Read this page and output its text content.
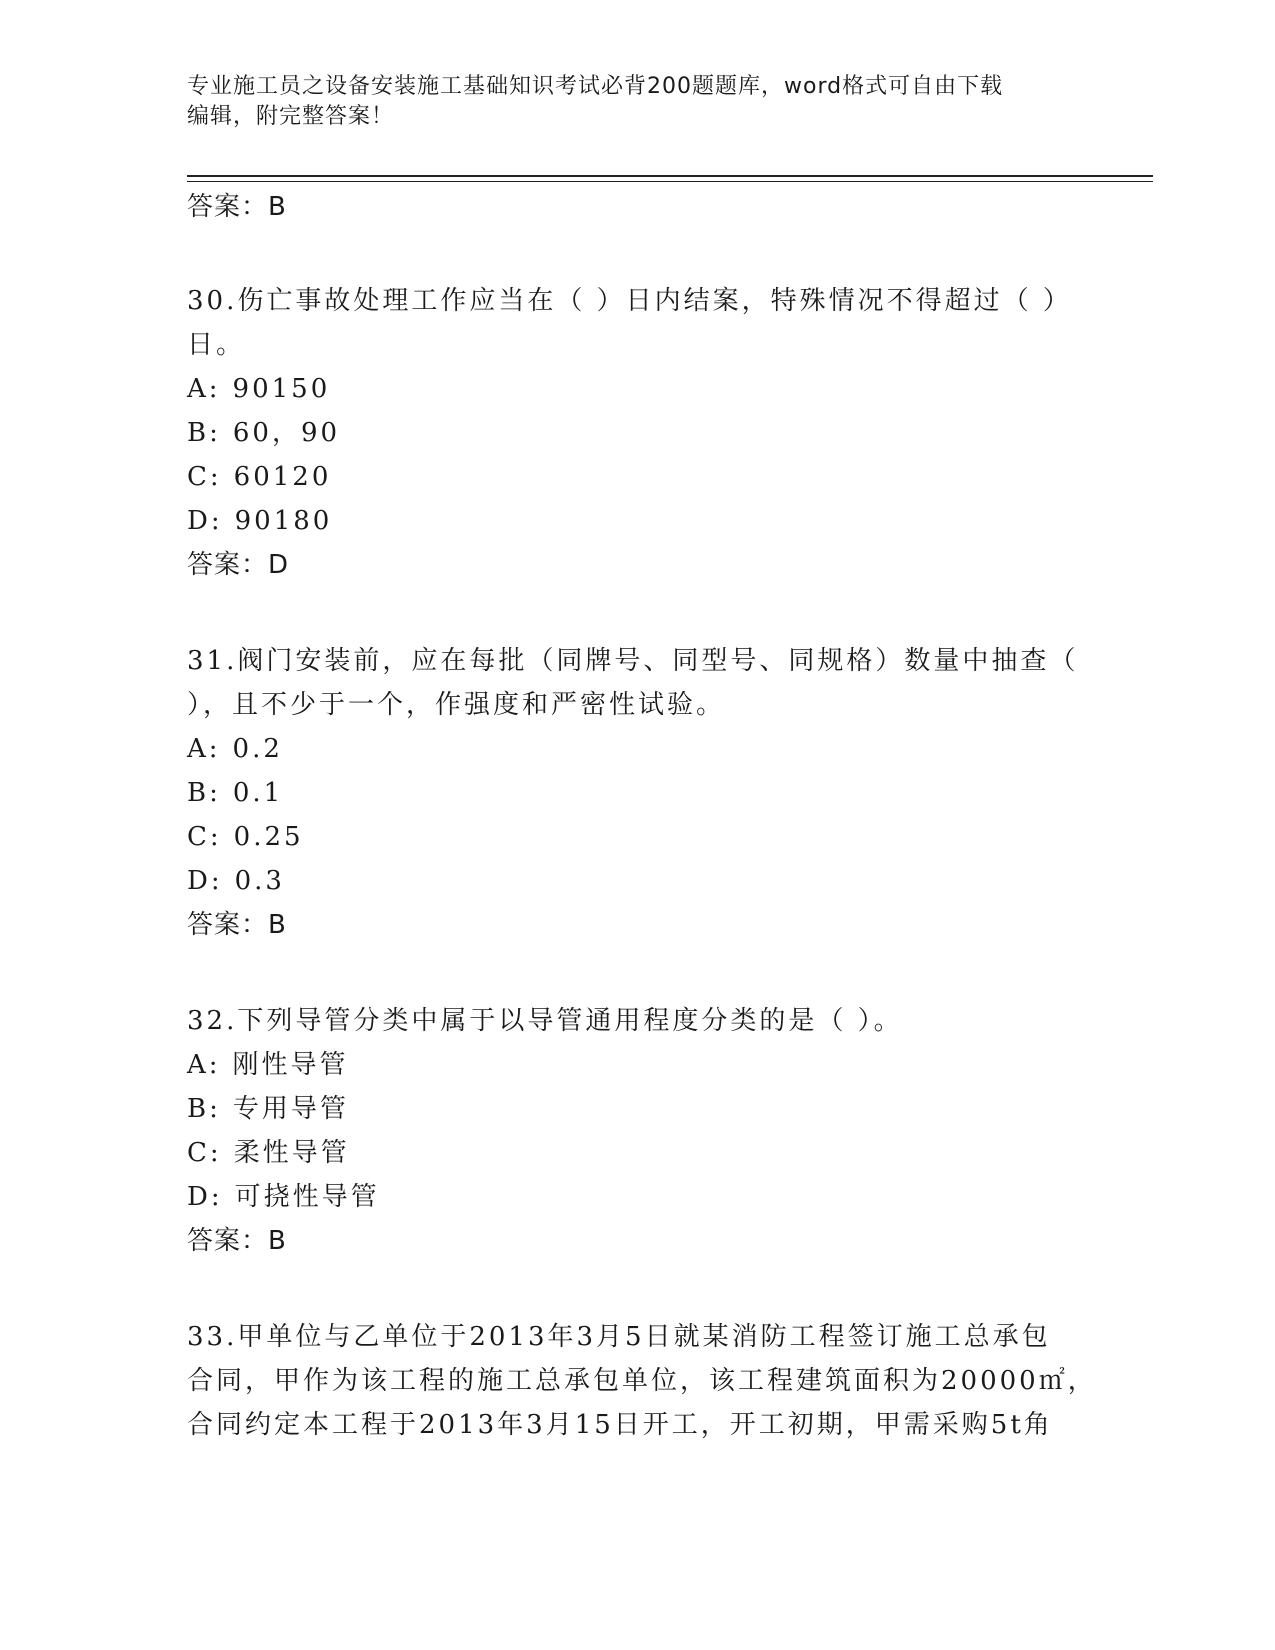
专业施工员之设备安装施工基础知识考试必背200题题库，word格式可自由下载
编辑，附完整答案！
答案：B
30.伤亡事故处理工作应当在（ ）日内结案，特殊情况不得超过（ ）
日。
A: 90150
B: 60，90
C: 60120
D: 90180
答案：D
31.阀门安装前，应在每批（同牌号、同型号、同规格）数量中抽查（
），且不少于一个，作强度和严密性试验。
A: 0.2
B: 0.1
C: 0.25
D: 0.3
答案：B
32.下列导管分类中属于以导管通用程度分类的是（ ）。
A: 刚性导管
B: 专用导管
C: 柔性导管
D: 可挠性导管
答案：B
33.甲单位与乙单位于2013年3月5日就某消防工程签订施工总承包
合同，甲作为该工程的施工总承包单位，该工程建筑面积为20000㎡，
合同约定本工程于2013年3月15日开工，开工初期，甲需采购5t角
